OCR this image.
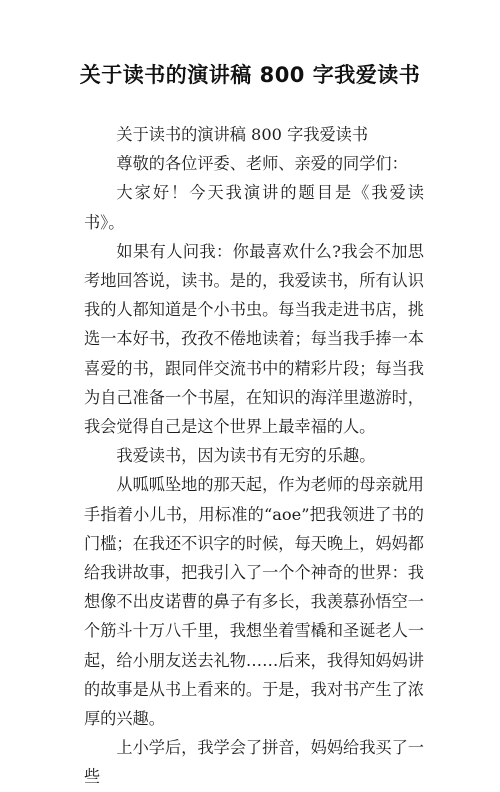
关于读书的演讲稿 800 字我爱读书

关于读书的演讲稿 800 字我爱读书

尊敬的各位评委、老师、亲爱的同学们：

大家好！今天我演讲的题目是《我爱读书》。

如果有人问我：你最喜欢什么?我会不加思考地回答说，读书。是的，我爱读书，所有认识我的人都知道是个小书虫。每当我走进书店，挑选一本好书，孜孜不倦地读着；每当我手捧一本喜爱的书，跟同伴交流书中的精彩片段；每当我为自己准备一个书屋，在知识的海洋里遨游时，我会觉得自己是这个世界上最幸福的人。

我爱读书，因为读书有无穷的乐趣。

从呱呱坠地的那天起，作为老师的母亲就用手指着小儿书，用标准的“aoe”把我领进了书的门槛；在我还不识字的时候，每天晚上，妈妈都给我讲故事，把我引入了一个个神奇的世界：我想像不出皮诺曹的鼻子有多长，我羡慕孙悟空一个筋斗十万八千里，我想坐着雪橇和圣诞老人一起，给小朋友送去礼物……后来，我得知妈妈讲的故事是从书上看来的。于是，我对书产生了浓厚的兴趣。

上小学后，我学会了拼音，妈妈给我买了一些
